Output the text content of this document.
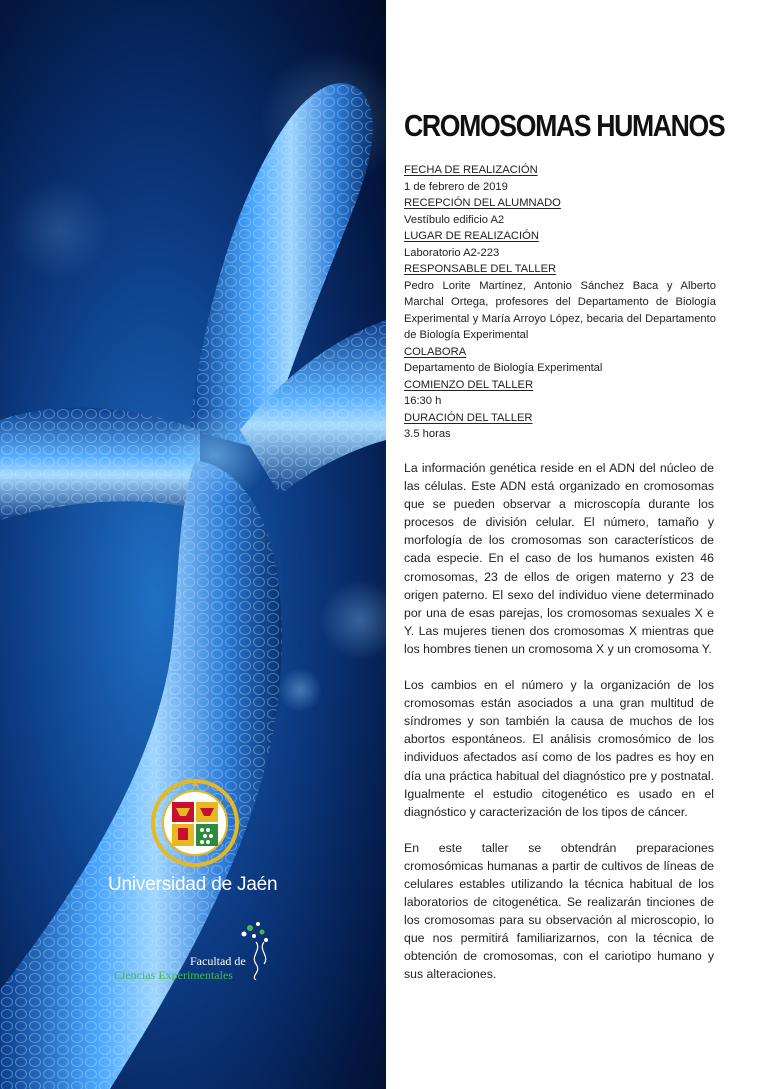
Universidad de Jaén
Facultad de
Ciencias Experimentales
CROMOSOMAS HUMANOS
FECHA DE REALIZACIÓN
1 de febrero de 2019
RECEPCIÓN DEL ALUMNADO
Vestíbulo edificio A2
LUGAR DE REALIZACIÓN
Laboratorio A2-223
RESPONSABLE DEL TALLER
Pedro Lorite Martínez, Antonio Sánchez Baca y Alberto Marchal Ortega, profesores del Departamento de Biología Experimental y María Arroyo López, becaria del Departamento de Biología Experimental
COLABORA
Departamento de Biología Experimental
COMIENZO DEL TALLER
16:30 h
DURACIÓN DEL TALLER
3.5 horas

La información genética reside en el ADN del núcleo de las células. Este ADN está organizado en cromosomas que se pueden observar a microscopía durante los procesos de división celular. El número, tamaño y morfología de los cromosomas son característicos de cada especie. En el caso de los humanos existen 46 cromosomas, 23 de ellos de origen materno y 23 de origen paterno. El sexo del individuo viene determinado por una de esas parejas, los cromosomas sexuales X e Y. Las mujeres tienen dos cromosomas X mientras que los hombres tienen un cromosoma X y un cromosoma Y.

Los cambios en el número y la organización de los cromosomas están asociados a una gran multitud de síndromes y son también la causa de muchos de los abortos espontáneos. El análisis cromosómico de los individuos afectados así como de los padres es hoy en día una práctica habitual del diagnóstico pre y postnatal. Igualmente el estudio citogenético es usado en el diagnóstico y caracterización de los tipos de cáncer.

En este taller se obtendrán preparaciones cromosómicas humanas a partir de cultivos de líneas de celulares estables utilizando la técnica habitual de los laboratorios de citogenética. Se realizarán tinciones de los cromosomas para su observación al microscopio, lo que nos permitirá familiarizarnos, con la técnica de obtención de cromosomas, con el cariotipo humano y sus alteraciones.
